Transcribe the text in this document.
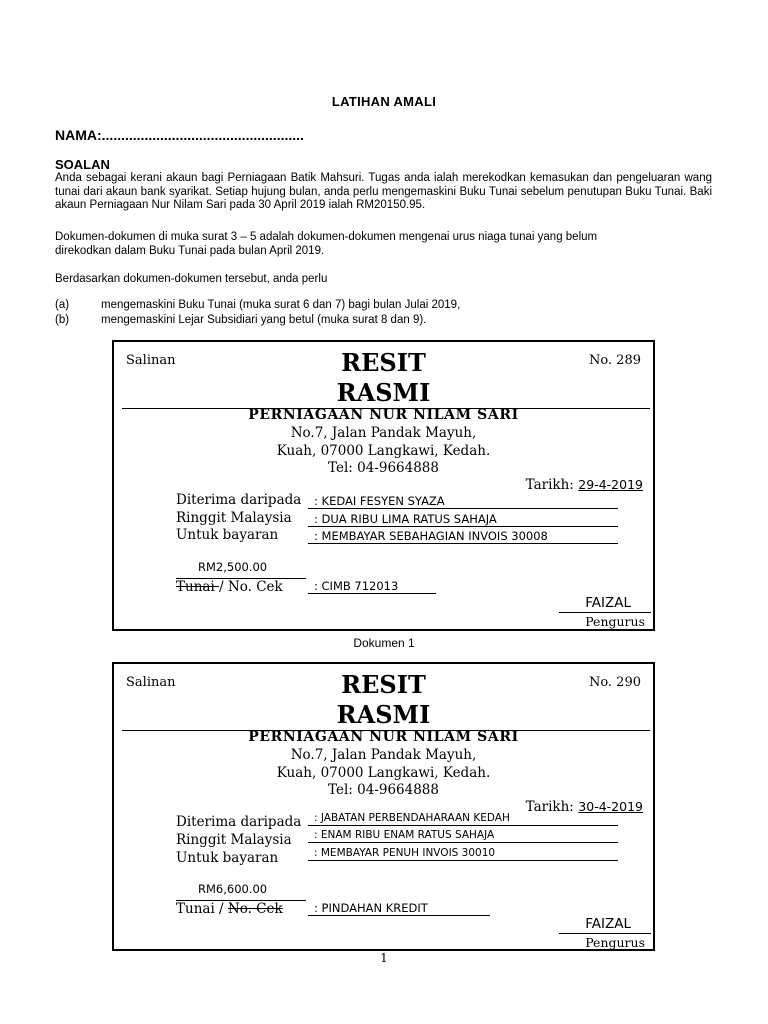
LATIHAN AMALI
NAMA:....................................................
SOALAN
Anda sebagai kerani akaun bagi Perniagaan Batik Mahsuri. Tugas anda ialah merekodkan kemasukan dan pengeluaran wang tunai dari akaun bank syarikat. Setiap hujung bulan, anda perlu mengemaskini Buku Tunai sebelum penutupan Buku Tunai. Baki akaun Perniagaan Nur Nilam Sari pada 30 April 2019 ialah RM20150.95.
Dokumen-dokumen di muka surat 3 – 5 adalah dokumen-dokumen mengenai urus niaga tunai yang belum
direkodkan dalam Buku Tunai pada bulan April 2019.
Berdasarkan dokumen-dokumen tersebut, anda perlu
(a)	mengemaskini Buku Tunai (muka surat 6 dan 7) bagi bulan Julai 2019,
(b)	mengemaskini Lejar Subsidiari yang betul (muka surat 8 dan 9).
Salinan	No. 289
RESIT
RASMI
PERNIAGAAN NUR NILAM SARI
No.7, Jalan Pandak Mayuh,
Kuah, 07000 Langkawi, Kedah.
Tel: 04-9664888
Tarikh: 29-4-2019
Diterima daripada	: KEDAI FESYEN SYAZA
Ringgit Malaysia	: DUA RIBU LIMA RATUS SAHAJA
Untuk bayaran	: MEMBAYAR SEBAHAGIAN INVOIS 30008
RM2,500.00
Tunai / No. Cek	: CIMB 712013
FAIZAL
Pengurus
Dokumen 1
Salinan	No. 290
RESIT
RASMI
PERNIAGAAN NUR NILAM SARI
No.7, Jalan Pandak Mayuh,
Kuah, 07000 Langkawi, Kedah.
Tel: 04-9664888
Tarikh: 30-4-2019
Diterima daripada	: JABATAN PERBENDAHARAAN KEDAH
Ringgit Malaysia	: ENAM RIBU ENAM RATUS SAHAJA
Untuk bayaran	: MEMBAYAR PENUH INVOIS 30010
RM6,600.00
Tunai / No. Cek	: PINDAHAN KREDIT
FAIZAL
Pengurus
1
